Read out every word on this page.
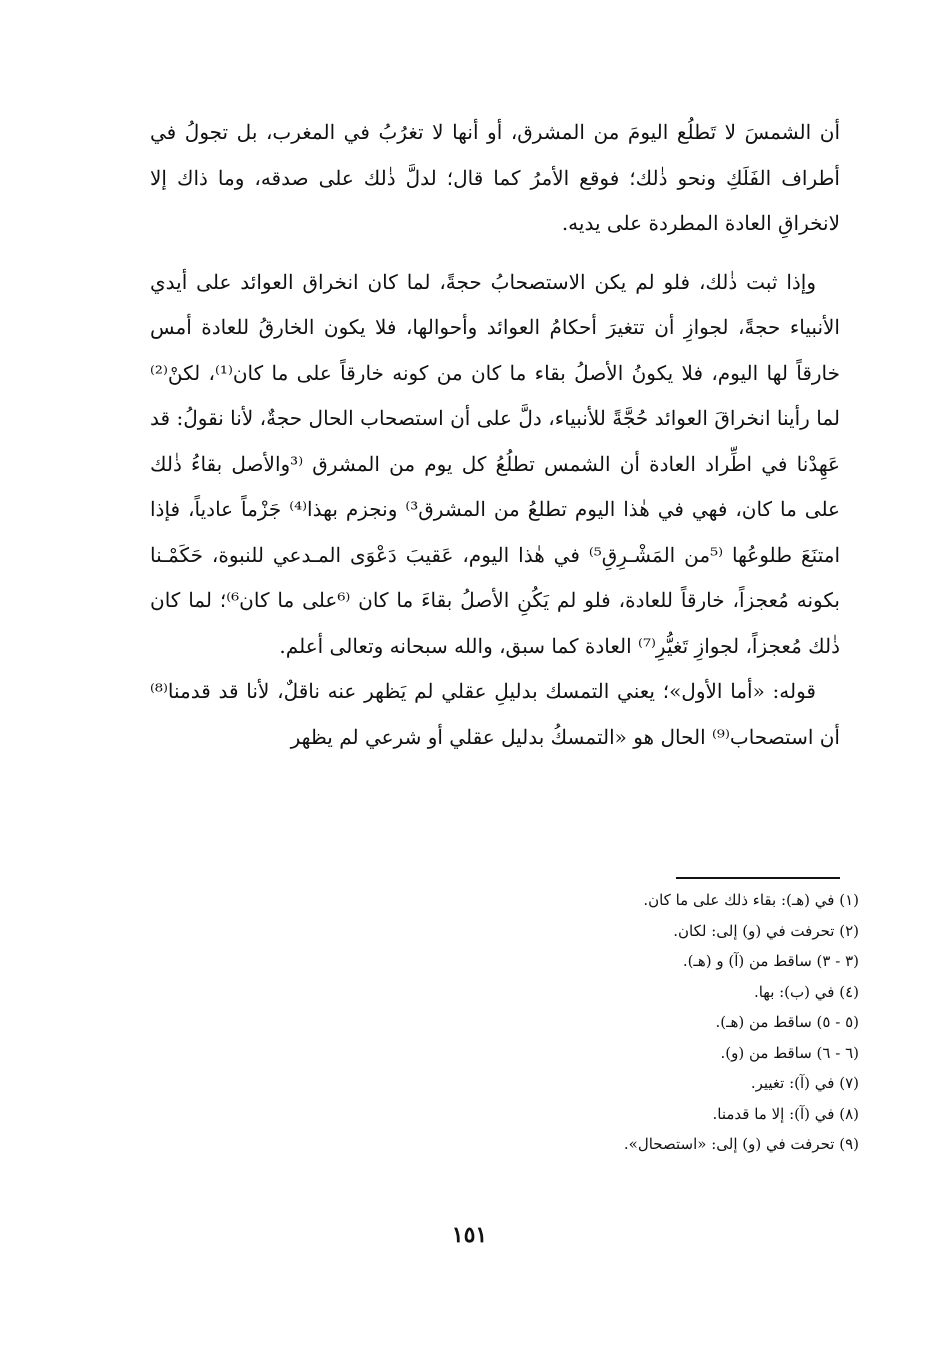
أن الشمسَ لا تَطلُع اليومَ من المشرق، أو أنها لا تغرُبُ في المغرب، بل تجولُ في أطراف الفَلَكِ ونحو ذٰلك؛ فوقع الأمرُ كما قال؛ لدلَّ ذٰلك على صدقه، وما ذاك إلا لانخراقِ العادة المطردة على يديه.

وإذا ثبت ذٰلك، فلو لم يكن الاستصحابُ حجةً، لما كان انخراق العوائد على أيدي الأنبياء حجةً، لجوازِ أن تتغيرَ أحكامُ العوائد وأحوالها، فلا يكون الخارقُ للعادة أمس خارقاً لها اليوم، فلا يكونُ الأصلُ بقاء ما كان من كونه خارقاً على ما كان⁽¹⁾، لكنْ⁽²⁾ لما رأينا انخراقَ العوائد حُجَّةً للأنبياء، دلَّ على أن استصحاب الحال حجةٌ، لأنا نقولُ: قد عَهِدْنا في اطِّراد العادة أن الشمس تطلُعُ كل يوم من المشرق ⁽³والأصل بقاءُ ذٰلك على ما كان، فهي في هٰذا اليوم تطلعُ من المشرق³⁾ ونجزم بهذا⁽⁴⁾ جَزْماً عادياً، فإذا امتنَعَ طلوعُها ⁽⁵من المَشْـرِقِ⁵⁾ في هٰذا اليوم، عَقيبَ دَعْوَى المـدعي للنبوة، حَكَمْـنا بكونه مُعجزاً، خارقاً للعادة، فلو لم يَكُنِ الأصلُ بقاءَ ما كان ⁽⁶على ما كان⁶⁾؛ لما كان ذٰلك مُعجزاً، لجوازِ تَغيُّرِ⁽⁷⁾ العادة كما سبق، والله سبحانه وتعالى أعلم.

قوله: «أما الأول»؛ يعني التمسك بدليلِ عقلي لم يَظهر عنه ناقلٌ، لأنا قد قدمنا⁽⁸⁾ أن استصحاب⁽⁹⁾ الحال هو «التمسكُ بدليل عقلي أو شرعي لم يظهر

(١) في (هـ): بقاء ذلك على ما كان.
(٢) تحرفت في (و) إلى: لكان.
(٣ - ٣) ساقط من (آ) و (هـ).
(٤) في (ب): بها.
(٥ - ٥) ساقط من (هـ).
(٦ - ٦) ساقط من (و).
(٧) في (آ): تغيير.
(٨) في (آ): إلا ما قدمنا.
(٩) تحرفت في (و) إلى: «استصحال».
١٥١
